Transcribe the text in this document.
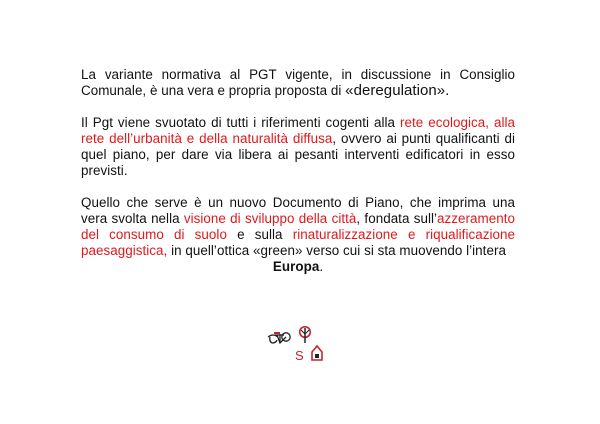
La variante normativa al PGT vigente, in discussione in Consiglio Comunale, è una vera e propria proposta di «deregulation».

Il Pgt viene svuotato di tutti i riferimenti cogenti alla rete ecologica, alla rete dell’urbanità e della naturalità diffusa, ovvero ai punti qualificanti di quel piano, per dare via libera ai pesanti interventi edificatori in esso previsti.

Quello che serve è un nuovo Documento di Piano, che imprima una vera svolta nella visione di sviluppo della città, fondata sull’azzeramento del consumo di suolo e sulla rinaturalizzazione e riqualificazione paesaggistica, in quell’ottica «green» verso cui si sta muovendo l’intera
Europa.

S
